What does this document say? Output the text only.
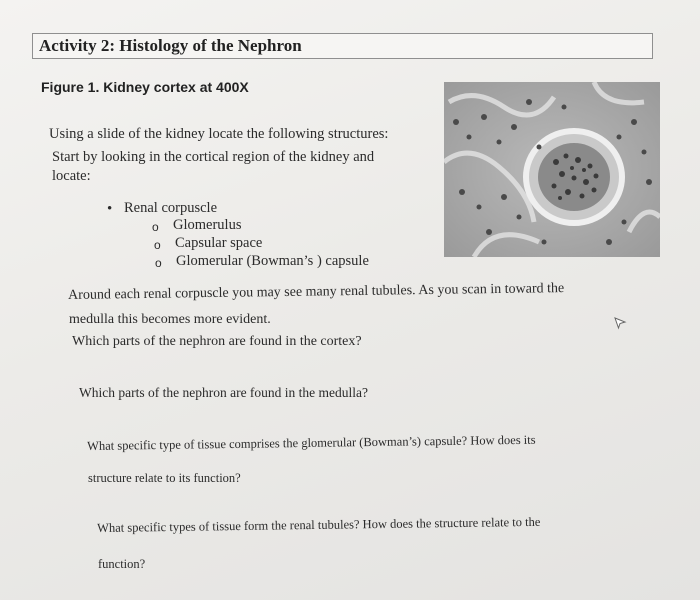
Activity 2: Histology of the Nephron
Figure 1. Kidney cortex at 400X
Using a slide of the kidney locate the following structures:
Start by looking in the cortical region of the kidney and
locate:
• Renal corpuscle
o Glomerulus
o Capsular space
o Glomerular (Bowman’s ) capsule
Around each renal corpuscle you may see many renal tubules. As you scan in toward the
medulla this becomes more evident.
Which parts of the nephron are found in the cortex?
Which parts of the nephron are found in the medulla?
What specific type of tissue comprises the glomerular (Bowman’s) capsule? How does its
structure relate to its function?
What specific types of tissue form the renal tubules? How does the structure relate to the
function?
